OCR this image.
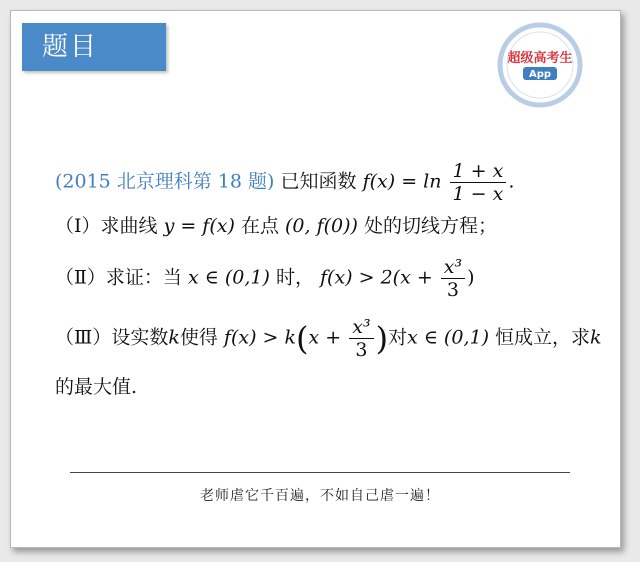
题目	超级高考生
App
(2015 北京理科第 18 题) 已知函数 $f(x) = \ln \frac{1 + x}{1 - x}$ .
（Ⅰ）求曲线 y = f(x) 在点 (0, f(0)) 处的切线方程；
（Ⅱ）求证：当 x ∈ (0,1) 时， $f(x) > 2(x + \frac{\text{x³}}{3}$ )
（Ⅲ）设实数k使得 $f(x) > k(x + \frac{\text{x³}}{3}$ )对x ∈ (0,1) 恒成立，求k
的最大值.
老师虐它千百遍，不如自己虐一遍！
